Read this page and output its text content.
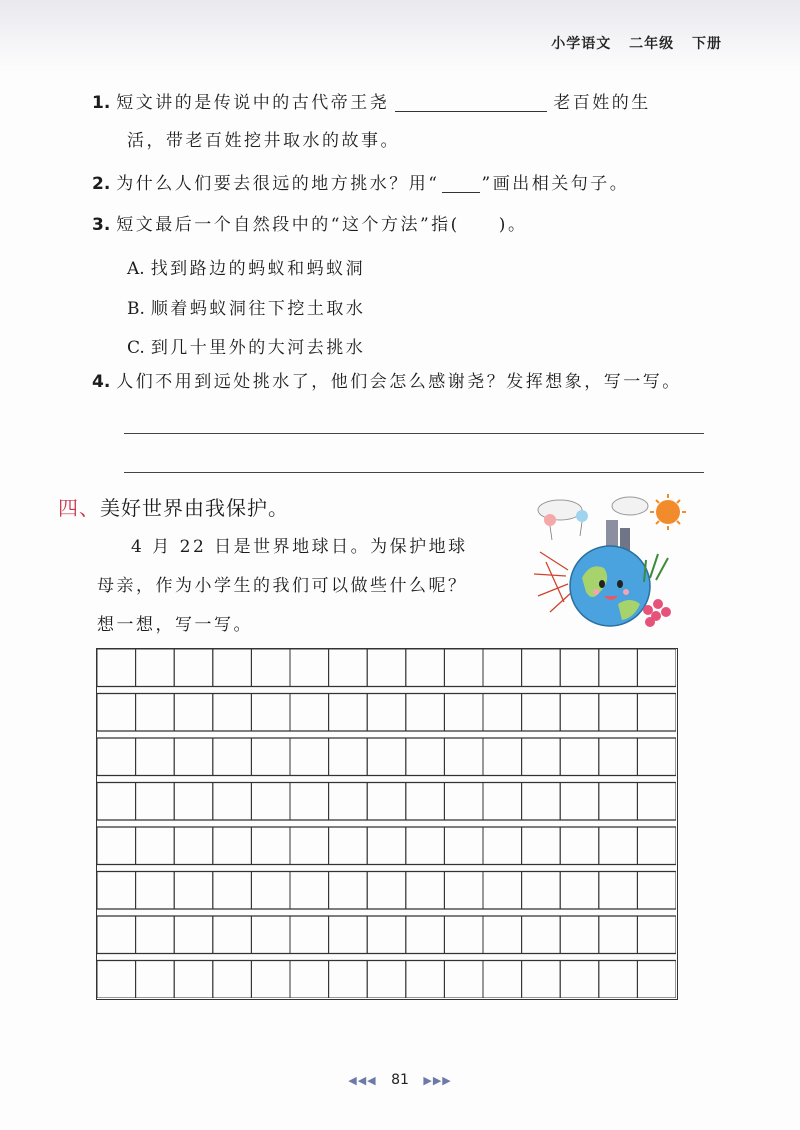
小学语文 二年级 下册
1. 短文讲的是传说中的古代帝王尧	老百姓的生
活，带老百姓挖井取水的故事。
2. 为什么人们要去很远的地方挑水？用“ ”画出相关句子。
3. 短文最后一个自然段中的“这个方法”指(　　)。
A. 找到路边的蚂蚁和蚂蚁洞
B. 顺着蚂蚁洞往下挖土取水
C. 到几十里外的大河去挑水
4. 人们不用到远处挑水了，他们会怎么感谢尧？发挥想象，写一写。
四、美好世界由我保护。
4 月 22 日是世界地球日。为保护地球
母亲，作为小学生的我们可以做些什么呢？
想一想，写一写。
◀◀◀ 81 ▶▶▶
